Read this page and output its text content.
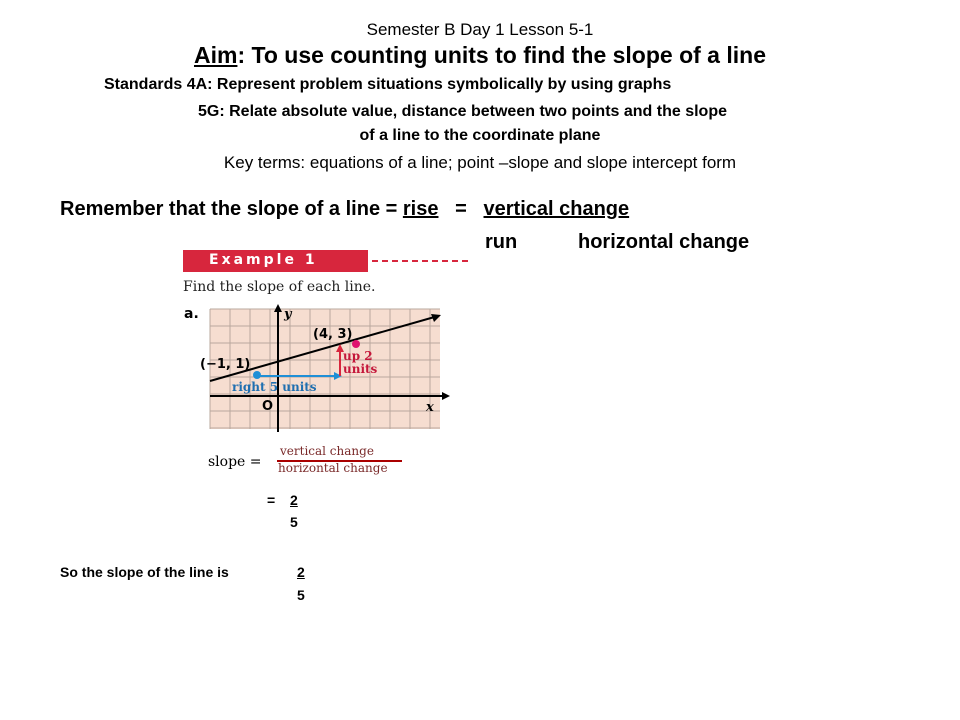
Semester B Day 1 Lesson 5-1
Aim: To use counting units to find the slope of a line
Standards 4A: Represent problem situations symbolically by using graphs
5G: Relate absolute value, distance between two points and the slope
of a line to the coordinate plane
Key terms: equations of a line; point –slope and slope intercept form
Remember that the slope of a line = rise   =   vertical change
run	horizontal change
Example 1
Find the slope of each line.
a.	y
x
O
(−1, 1)
(4, 3)
up 2
units
right 5 units
slope =
vertical change
horizontal change
= 2
5
So the slope of the line is	2
5
